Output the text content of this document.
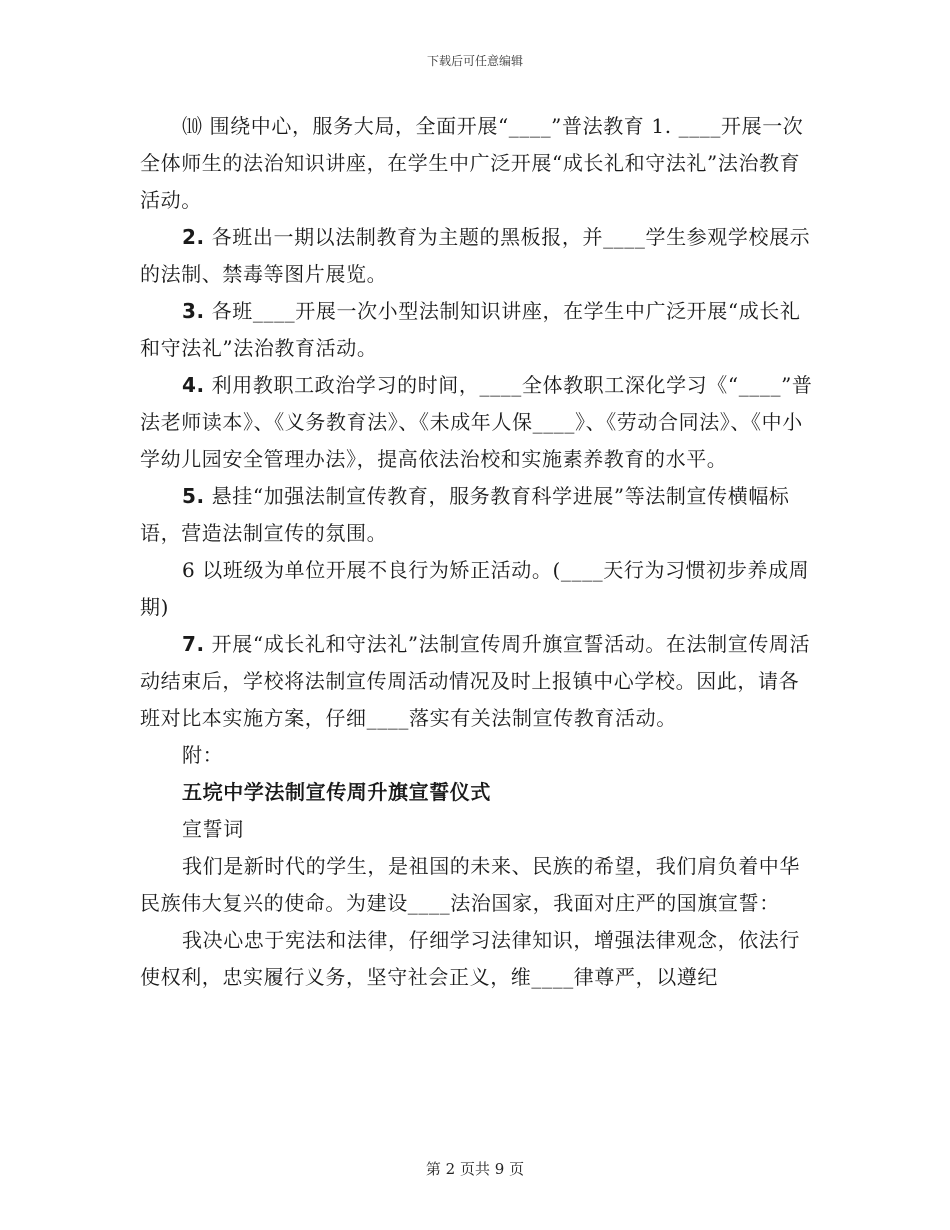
下载后可任意编辑

⑽ 围绕中心，服务大局，全面开展“____”普法教育 1. ____开展一次全体师生的法治知识讲座，在学生中广泛开展“成长礼和守法礼”法治教育活动。

2. 各班出一期以法制教育为主题的黑板报，并____学生参观学校展示的法制、禁毒等图片展览。

3. 各班____开展一次小型法制知识讲座，在学生中广泛开展“成长礼和守法礼”法治教育活动。

4. 利用教职工政治学习的时间，____全体教职工深化学习《“____”普法老师读本》、《义务教育法》、《未成年人保____》、《劳动合同法》、《中小学幼儿园安全管理办法》，提高依法治校和实施素养教育的水平。

5. 悬挂“加强法制宣传教育，服务教育科学进展”等法制宣传横幅标语，营造法制宣传的氛围。

6 以班级为单位开展不良行为矫正活动。(____天行为习惯初步养成周期)

7. 开展“成长礼和守法礼”法制宣传周升旗宣誓活动。在法制宣传周活动结束后，学校将法制宣传周活动情况及时上报镇中心学校。因此，请各班对比本实施方案，仔细____落实有关法制宣传教育活动。

附：

五垸中学法制宣传周升旗宣誓仪式

宣誓词

我们是新时代的学生，是祖国的未来、民族的希望，我们肩负着中华民族伟大复兴的使命。为建设____法治国家，我面对庄严的国旗宣誓：

我决心忠于宪法和法律，仔细学习法律知识，增强法律观念，依法行使权利，忠实履行义务，坚守社会正义，维____律尊严，以遵纪

第 2 页共 9 页
